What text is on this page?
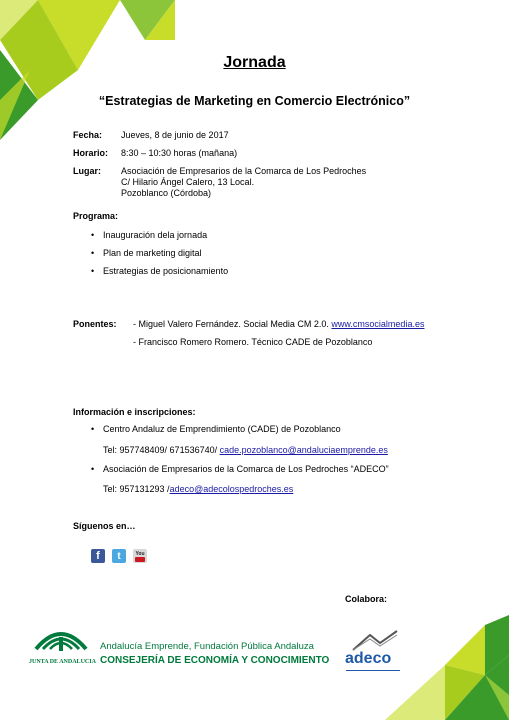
Jornada
“Estrategias de Marketing en Comercio Electrónico”
Fecha: Jueves, 8 de junio de 2017
Horario: 8:30 – 10:30 horas (mañana)
Lugar: Asociación de Empresarios de la Comarca de Los Pedroches
C/ Hilario Ángel Calero, 13 Local.
Pozoblanco (Córdoba)
Programa:
• Inauguración dela jornada
• Plan de marketing digital
• Estrategias de posicionamiento
Ponentes: - Miguel Valero Fernández. Social Media CM 2.0. www.cmsocialmedia.es
- Francisco Romero Romero. Técnico CADE de Pozoblanco
Información e inscripciones:
• Centro Andaluz de Emprendimiento (CADE) de Pozoblanco
Tel: 957748409/ 671536740/ cade.pozoblanco@andaluciaemprende.es
• Asociación de Empresarios de la Comarca de Los Pedroches “ADECO”
Tel: 957131293 /adeco@adecolospedroches.es
Síguenos en…
f	t	You
Colabora:
JUNTA DE ANDALUCIA
Andalucía Emprende, Fundación Pública Andaluza
CONSEJERÍA DE ECONOMÍA Y CONOCIMIENTO adeco
